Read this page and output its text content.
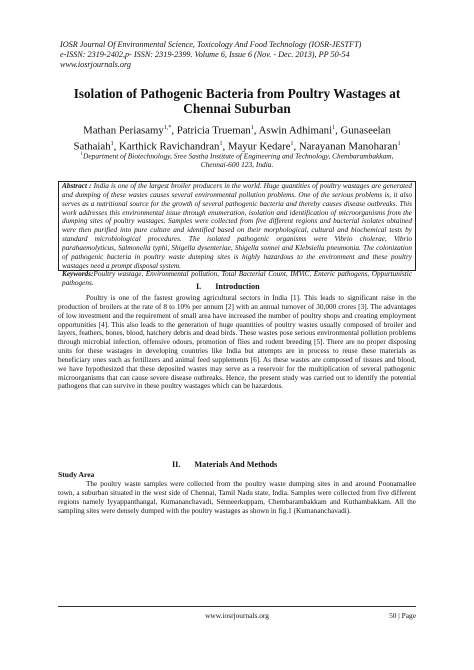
IOSR Journal Of Environmental Science, Toxicology And Food Technology (IOSR-JESTFT)
e-ISSN: 2319-2402,p- ISSN: 2319-2399. Volume 6, Issue 6 (Nov. - Dec. 2013), PP 50-54
www.iosrjournals.org
Isolation of Pathogenic Bacteria from Poultry Wastages at
Chennai Suburban
Mathan Periasamy$^{1,*}$, Patricia Trueman$^1$, Aswin Adhimani$^1$, Gunaseelan
Sathaiah$^1$, Karthick Ravichandran$^1$, Mayur Kedare$^1$, Narayanan Manoharan$^1$
$^1$Department of Biotechnology, Sree Sastha Institute of Engineering and Technology, Chembarambakkam,
Chennai-600 123, India.

Abstract : India is one of the largest broiler producers in the world. Huge quantities of poultry wastages are generated and dumping of these wastes causes several environmental pollution problems. One of the serious problems is, it also serves as a nutritional source for the growth of several pathogenic bacteria and thereby causes disease outbreaks. This work addresses this environmental issue through enumeration, isolation and identification of microorganisms from the dumping sites of poultry wastages. Samples were collected from five different regions and bacterial isolates obtained were then purified into pure culture and identified based on their morphological, cultural and biochemical tests by standard microbiological procedures. The isolated pathogenic organisms were Vibrio cholerae, Vibrio parahaemolyticus, Salmonella typhi, Shigella dysenteriae, Shigella sonnei and Klebsiella pneumonia. The colonization of pathogenic bacteria in poultry waste dumping sites is highly hazardous to the environment and these poultry wastages need a prompt disposal system.

Keywords:Poultry wastage, Environmental pollution, Total Bacterial Count, IMViC, Enteric pathogens, Oppurtunistic pathogens.	I. Introduction

Poultry is one of the fastest growing agricultural sectors in India [1]. This leads to significant raise in the production of broilers at the rate of 8 to 10% per annum [2] with an annual turnover of 30,000 crores [3]. The advantages of low investment and the requirement of small area have increased the number of poultry shops and creating employment opportunities [4]. This also leads to the generation of huge quantities of poultry wastes usually composed of broiler and layers, feathers, bones, blood, hatchery debris and dead birds. These wastes pose serious environmental pollution problems through microbial infection, offensive odours, promotion of flies and rodent breeding [5]. There are no proper disposing units for these wastages in developing countries like India but attempts are in process to reuse these materials as beneficiary ones such as fertilizers and animal feed supplements [6]. As these wastes are composed of tissues and blood, we have hypothesized that these deposited wastes may serve as a reservoir for the multiplication of several pathogenic microorganisms that can cause severe disease outbreaks. Hence, the present study was carried out to identify the potential pathogens that can survive in these poultry wastages which can be hazardous.

II. Materials And Methods
Study Area

The poultry waste samples were collected from the poultry waste dumping sites in and around Poonamallee town, a suburban situated in the west side of Chennai, Tamil Nadu state, India. Samples were collected from five different regions namely Iyyappanthangal, Kumananchavadi, Senneerkuppam, Chembarambakkam and Kuthambakkam. All the sampling sites were densely dumped with the poultry wastages as shown in fig.1 (Kumananchavadi).

www.iosrjournals.org	50 | Page
